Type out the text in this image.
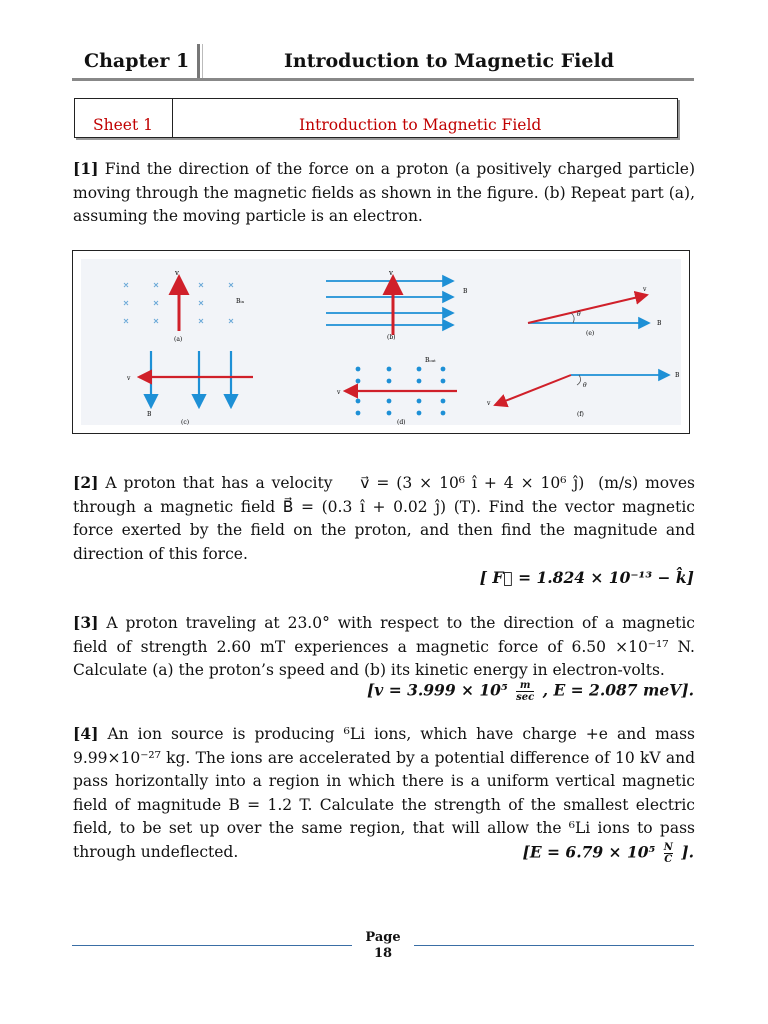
Chapter 1	Introduction to Magnetic Field
Sheet 1	Introduction to Magnetic Field
[1] Find the direction of the force on a proton (a positively charged particle) moving through the magnetic fields as shown in the figure. (b) Repeat part (a), assuming the moving particle is an electron.
v
Bᵢₙ
(a)
v
B
(b)
θ
v
B
(e)
v
B
(c)
v
Bₒᵤₜ
(d)
θ
v
B
(f)
[2] A proton that has a velocity v⃗ = (3 × 10⁶ î + 4 × 10⁶ ĵ) (m/s) moves through a magnetic field B⃗ = (0.3 î + 0.02 ĵ) (T). Find the vector magnetic force exerted by the field on the proton, and then find the magnitude and direction of this force.
[ F⃗ = 1.824 × 10⁻¹³ − k̂]
[3] A proton traveling at 23.0° with respect to the direction of a magnetic field of strength 2.60 mT experiences a magnetic force of 6.50 ×10⁻¹⁷ N. Calculate (a) the proton’s speed and (b) its kinetic energy in electron-volts.
[$v = 3.999 \times 10^5 \frac{m}{\sec}$ , E = 2.087 meV].
[4] An ion source is producing ⁶Li ions, which have charge +e and mass 9.99×10⁻²⁷ kg. The ions are accelerated by a potential difference of 10 kV and pass horizontally into a region in which there is a uniform vertical magnetic field of magnitude B = 1.2 T. Calculate the strength of the smallest electric field, to be set up over the same region, that will allow the ⁶Li ions to pass through undeflected.	[$E = 6.79 \times 10^5 \frac{N}{C}$ ].
Page
18
